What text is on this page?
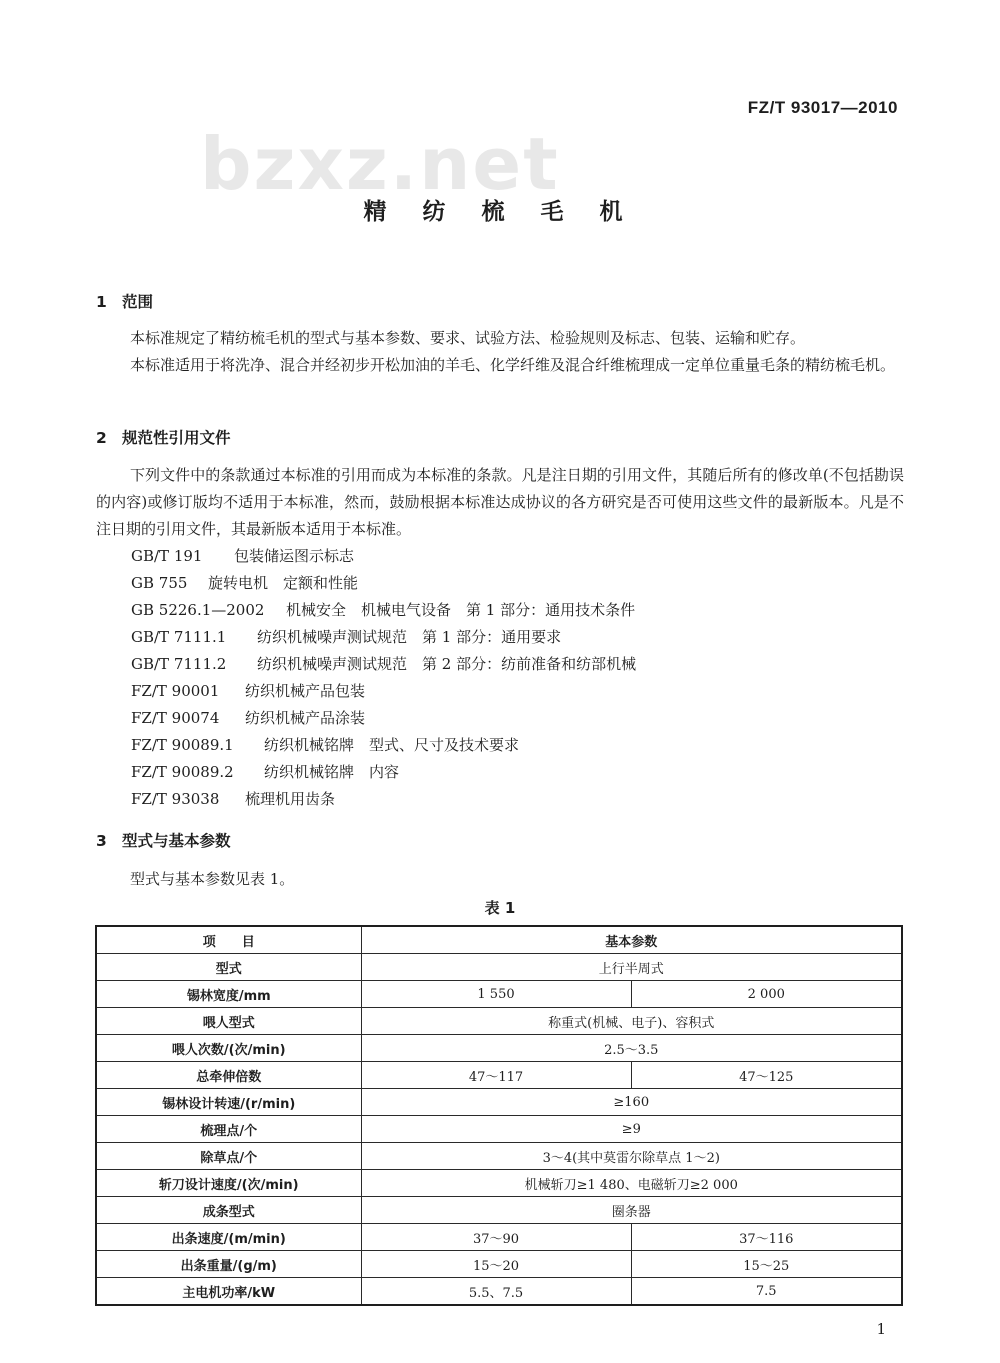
bzxz.net
FZ/T 93017—2010
精 纺 梳 毛 机
1 范围

本标准规定了精纺梳毛机的型式与基本参数、要求、试验方法、检验规则及标志、包装、运输和贮存。

本标准适用于将洗净、混合并经初步开松加油的羊毛、化学纤维及混合纤维梳理成一定单位重量毛条的精纺梳毛机。

2 规范性引用文件

下列文件中的条款通过本标准的引用而成为本标准的条款。凡是注日期的引用文件，其随后所有的修改单(不包括勘误的内容)或修订版均不适用于本标准，然而，鼓励根据本标准达成协议的各方研究是否可使用这些文件的最新版本。凡是不注日期的引用文件，其最新版本适用于本标准。

GB/T 191 包装储运图示标志
GB 755 旋转电机　定额和性能
GB 5226.1—2002 机械安全　机械电气设备　第 1 部分：通用技术条件
GB/T 7111.1 纺织机械噪声测试规范　第 1 部分：通用要求
GB/T 7111.2 纺织机械噪声测试规范　第 2 部分：纺前准备和纺部机械
FZ/T 90001 纺织机械产品包装
FZ/T 90074 纺织机械产品涂装
FZ/T 90089.1 纺织机械铭牌　型式、尺寸及技术要求
FZ/T 90089.2 纺织机械铭牌　内容
FZ/T 93038 梳理机用齿条
3 型式与基本参数

型式与基本参数见表 1。

表 1
项　　目	基本参数	
型式	上行半周式	
锡林宽度/mm	1 550	2 000
喂人型式	称重式(机械、电子)、容积式	
喂人次数/(次/min)	2.5～3.5	
总牵伸倍数	47～117	47～125
锡林设计转速/(r/min)	≥160	
梳理点/个	≥9	
除草点/个	3～4(其中莫雷尔除草点 1～2)	
斩刀设计速度/(次/min)	机械斩刀≥1 480、电磁斩刀≥2 000	
成条型式	圈条器	
出条速度/(m/min)	37～90	37～116
出条重量/(g/m)	15～20	15～25
主电机功率/kW	5.5、7.5	7.5
1
